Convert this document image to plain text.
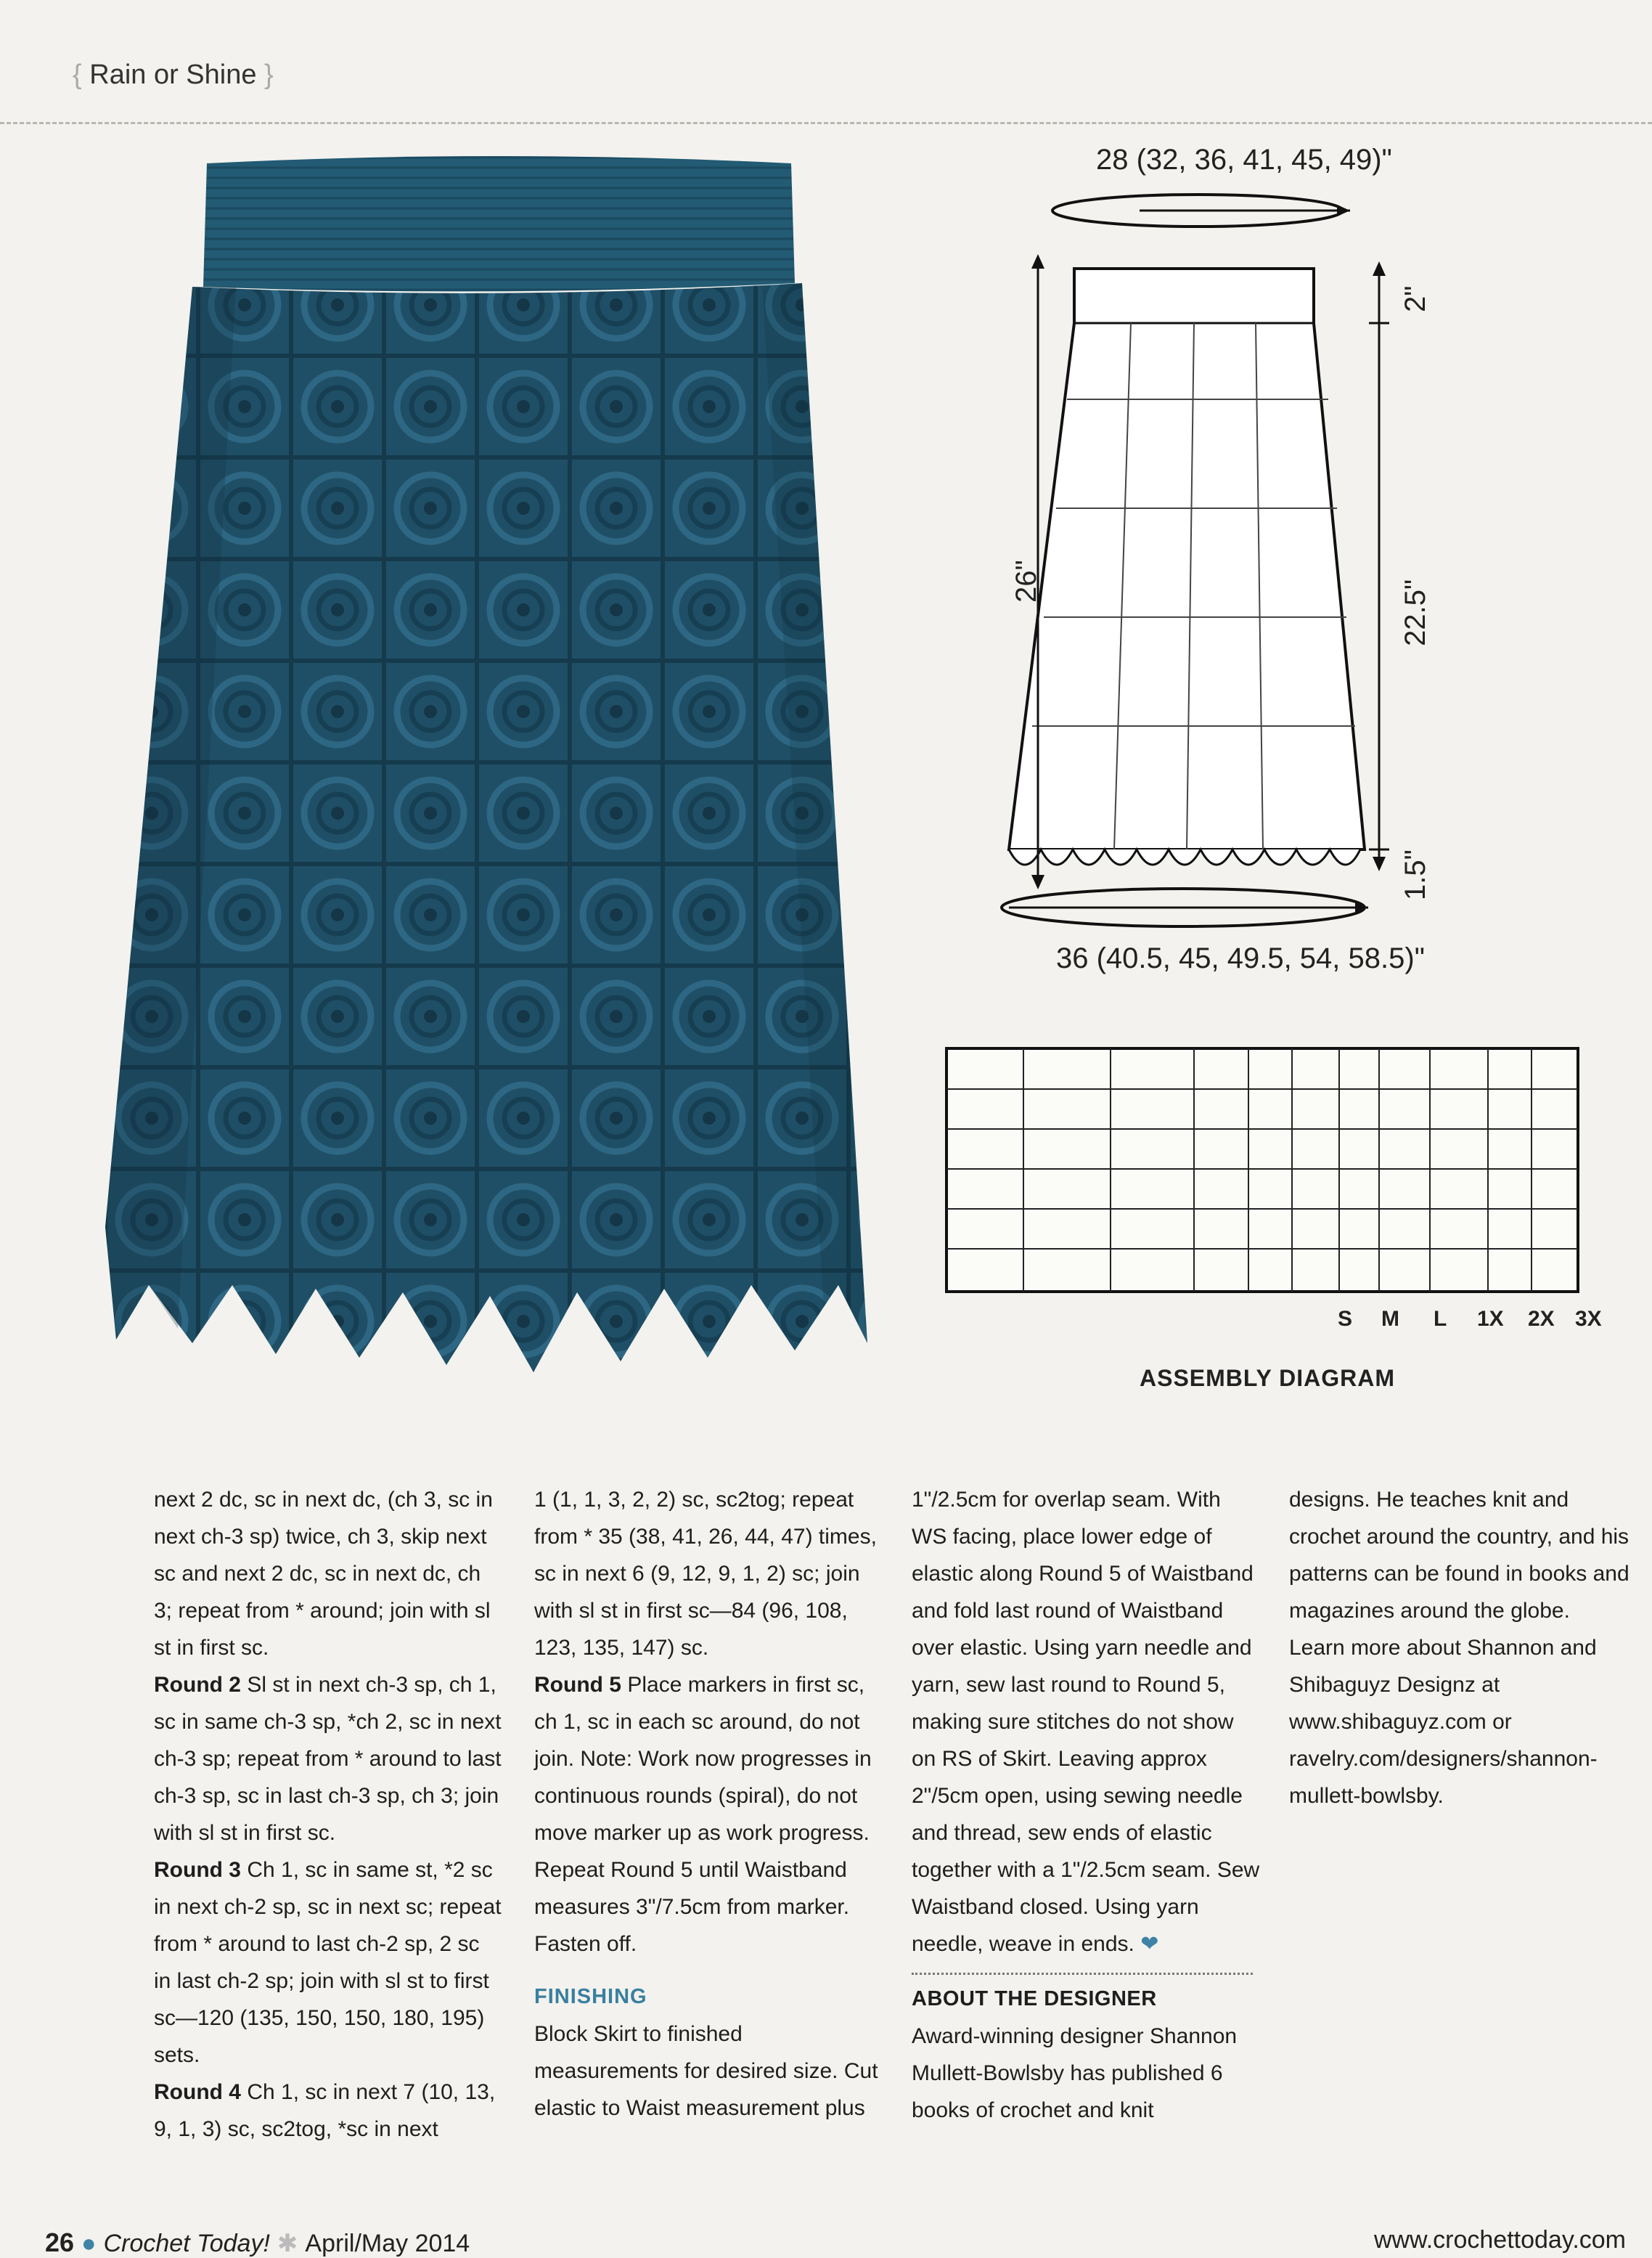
{ Rain or Shine }
28 (32, 36, 41, 45, 49)"
36 (40.5, 45, 49.5, 54, 58.5)"
26"
2"
22.5"
1.5"
S M L 1X 2X 3X
ASSEMBLY DIAGRAM

next 2 dc, sc in next dc, (ch 3, sc in next ch-3 sp) twice, ch 3, skip next sc and next 2 dc, sc in next dc, ch 3; repeat from * around; join with sl st in first sc.

Round 2 Sl st in next ch-3 sp, ch 1, sc in same ch-3 sp, *ch 2, sc in next ch-3 sp; repeat from * around to last ch-3 sp, sc in last ch-3 sp, ch 3; join with sl st in first sc.

Round 3 Ch 1, sc in same st, *2 sc in next ch-2 sp, sc in next sc; repeat from * around to last ch-2 sp, 2 sc in last ch-2 sp; join with sl st to first sc—120 (135, 150, 150, 180, 195) sets.

Round 4 Ch 1, sc in next 7 (10, 13, 9, 1, 3) sc, sc2tog, *sc in next

1 (1, 1, 3, 2, 2) sc, sc2tog; repeat from * 35 (38, 41, 26, 44, 47) times, sc in next 6 (9, 12, 9, 1, 2) sc; join with sl st in first sc—84 (96, 108, 123, 135, 147) sc.

Round 5 Place markers in first sc, ch 1, sc in each sc around, do not join. Note: Work now progresses in continuous rounds (spiral), do not move marker up as work progress. Repeat Round 5 until Waistband measures 3"/7.5cm from marker. Fasten off.

FINISHING

Block Skirt to finished measurements for desired size. Cut elastic to Waist measurement plus

1"/2.5cm for overlap seam. With WS facing, place lower edge of elastic along Round 5 of Waistband and fold last round of Waistband over elastic. Using yarn needle and yarn, sew last round to Round 5, making sure stitches do not show on RS of Skirt. Leaving approx 2"/5cm open, using sewing needle and thread, sew ends of elastic together with a 1"/2.5cm seam. Sew Waistband closed. Using yarn needle, weave in ends. ❤

ABOUT THE DESIGNER

Award-winning designer Shannon Mullett-Bowlsby has published 6 books of crochet and knit

designs. He teaches knit and crochet around the country, and his patterns can be found in books and magazines around the globe. Learn more about Shannon and Shibaguyz Designz at www.shibaguyz.com or ravelry.com/designers/shannon-mullett-bowlsby.

26 ● Crochet Today! ✱ April/May 2014	www.crochettoday.com
